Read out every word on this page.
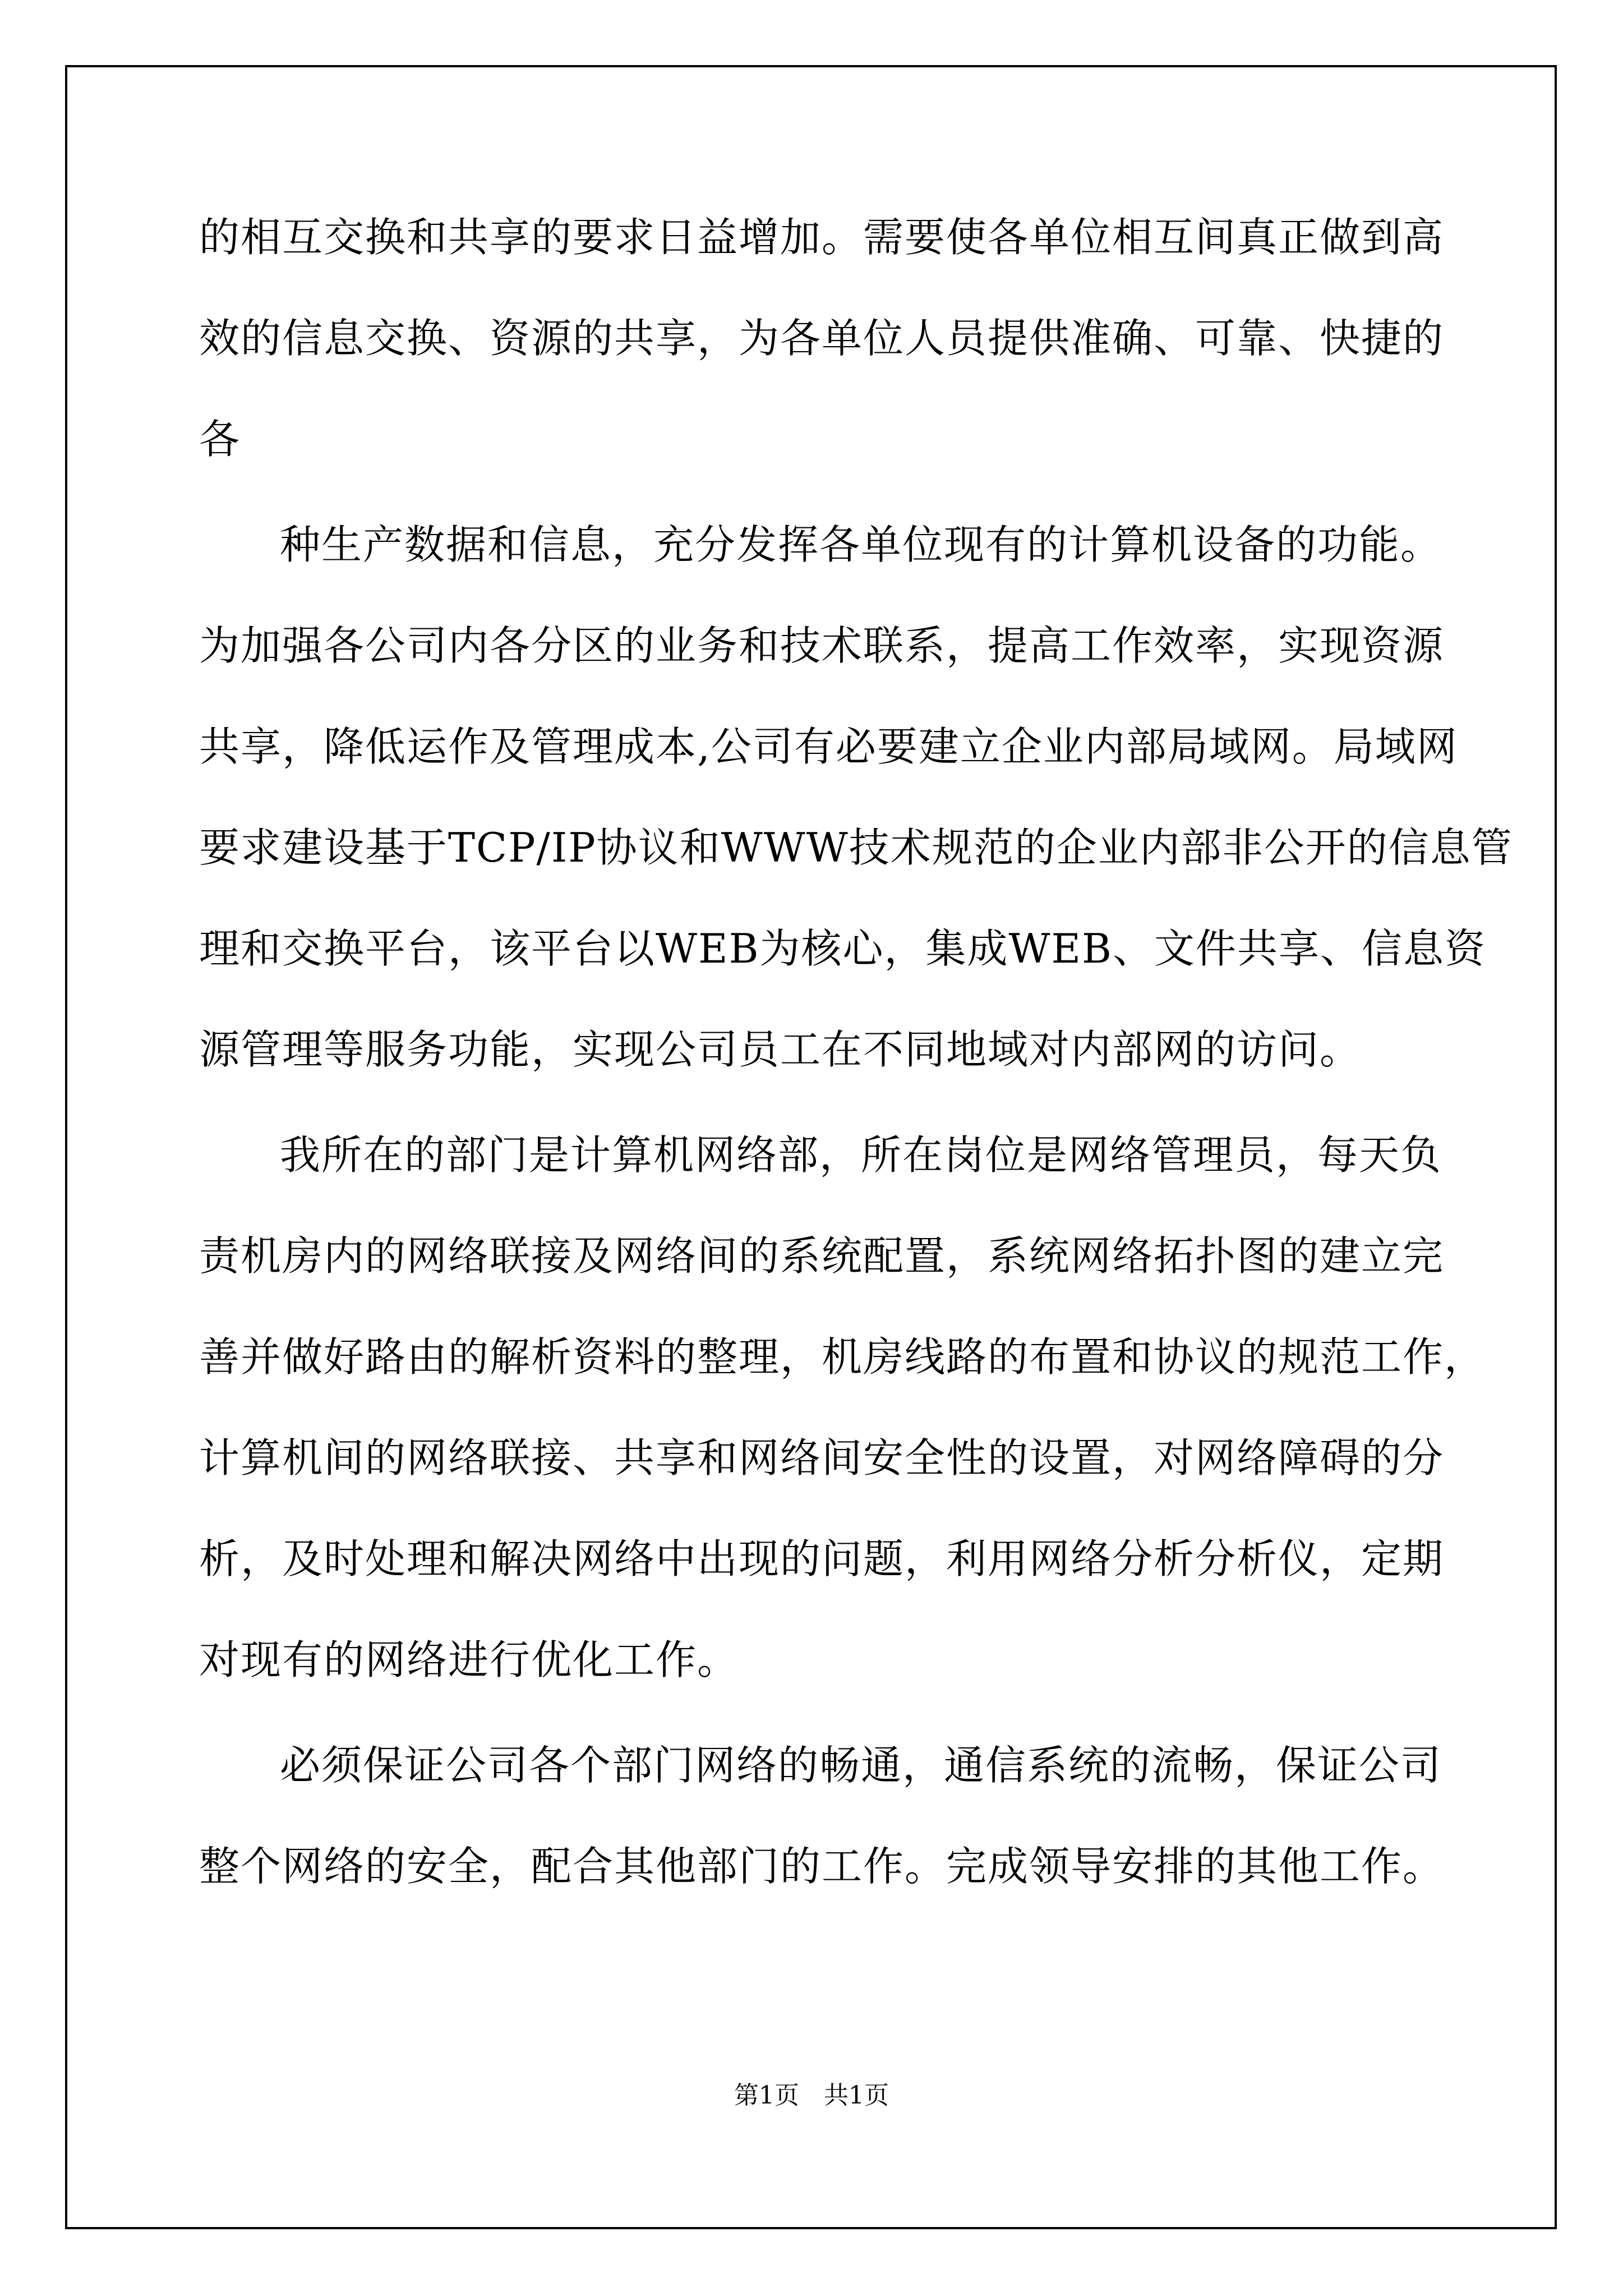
的相互交换和共享的要求日益增加。需要使各单位相互间真正做到高
效的信息交换、资源的共享，为各单位人员提供准确、可靠、快捷的
各
种生产数据和信息，充分发挥各单位现有的计算机设备的功能。
为加强各公司内各分区的业务和技术联系，提高工作效率，实现资源
共享，降低运作及管理成本,公司有必要建立企业内部局域网。局域网
要求建设基于TCP/IP协议和WWW技术规范的企业内部非公开的信息管
理和交换平台，该平台以WEB为核心，集成WEB、文件共享、信息资
源管理等服务功能，实现公司员工在不同地域对内部网的访问。
我所在的部门是计算机网络部，所在岗位是网络管理员，每天负
责机房内的网络联接及网络间的系统配置，系统网络拓扑图的建立完
善并做好路由的解析资料的整理，机房线路的布置和协议的规范工作，
计算机间的网络联接、共享和网络间安全性的设置，对网络障碍的分
析，及时处理和解决网络中出现的问题，利用网络分析分析仪，定期
对现有的网络进行优化工作。
必须保证公司各个部门网络的畅通，通信系统的流畅，保证公司
整个网络的安全，配合其他部门的工作。完成领导安排的其他工作。
第1页 共1页
